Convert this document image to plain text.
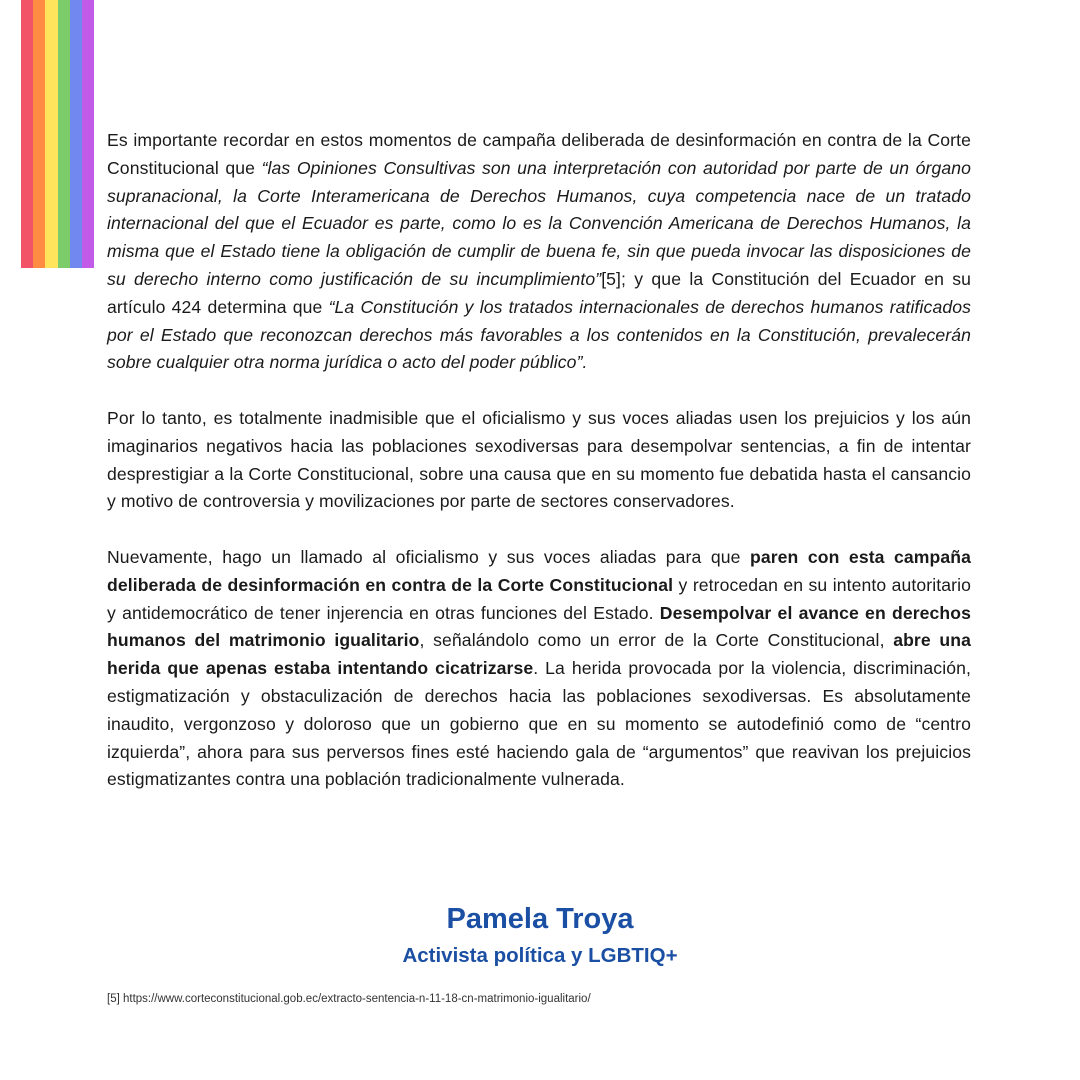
Es importante recordar en estos momentos de campaña deliberada de desinformación en contra de la Corte Constitucional que “las Opiniones Consultivas son una interpretación con autoridad por parte de un órgano supranacional, la Corte Interamericana de Derechos Humanos, cuya competencia nace de un tratado internacional del que el Ecuador es parte, como lo es la Convención Americana de Derechos Humanos, la misma que el Estado tiene la obligación de cumplir de buena fe, sin que pueda invocar las disposiciones de su derecho interno como justificación de su incumplimiento”[5]; y que la Constitución del Ecuador en su artículo 424 determina que “La Constitución y los tratados internacionales de derechos humanos ratificados por el Estado que reconozcan derechos más favorables a los contenidos en la Constitución, prevalecerán sobre cualquier otra norma jurídica o acto del poder público”.

Por lo tanto, es totalmente inadmisible que el oficialismo y sus voces aliadas usen los prejuicios y los aún imaginarios negativos hacia las poblaciones sexodiversas para desempolvar sentencias, a fin de intentar desprestigiar a la Corte Constitucional, sobre una causa que en su momento fue debatida hasta el cansancio y motivo de controversia y movilizaciones por parte de sectores conservadores.

Nuevamente, hago un llamado al oficialismo y sus voces aliadas para que paren con esta campaña deliberada de desinformación en contra de la Corte Constitucional y retrocedan en su intento autoritario y antidemocrático de tener injerencia en otras funciones del Estado. Desempolvar el avance en derechos humanos del matrimonio igualitario, señalándolo como un error de la Corte Constitucional, abre una herida que apenas estaba intentando cicatrizarse. La herida provocada por la violencia, discriminación, estigmatización y obstaculización de derechos hacia las poblaciones sexodiversas. Es absolutamente inaudito, vergonzoso y doloroso que un gobierno que en su momento se autodefinió como de “centro izquierda”, ahora para sus perversos fines esté haciendo gala de “argumentos” que reavivan los prejuicios estigmatizantes contra una población tradicionalmente vulnerada.

Pamela Troya
Activista política y LGBTIQ+
[5] https://www.corteconstitucional.gob.ec/extracto-sentencia-n-11-18-cn-matrimonio-igualitario/
